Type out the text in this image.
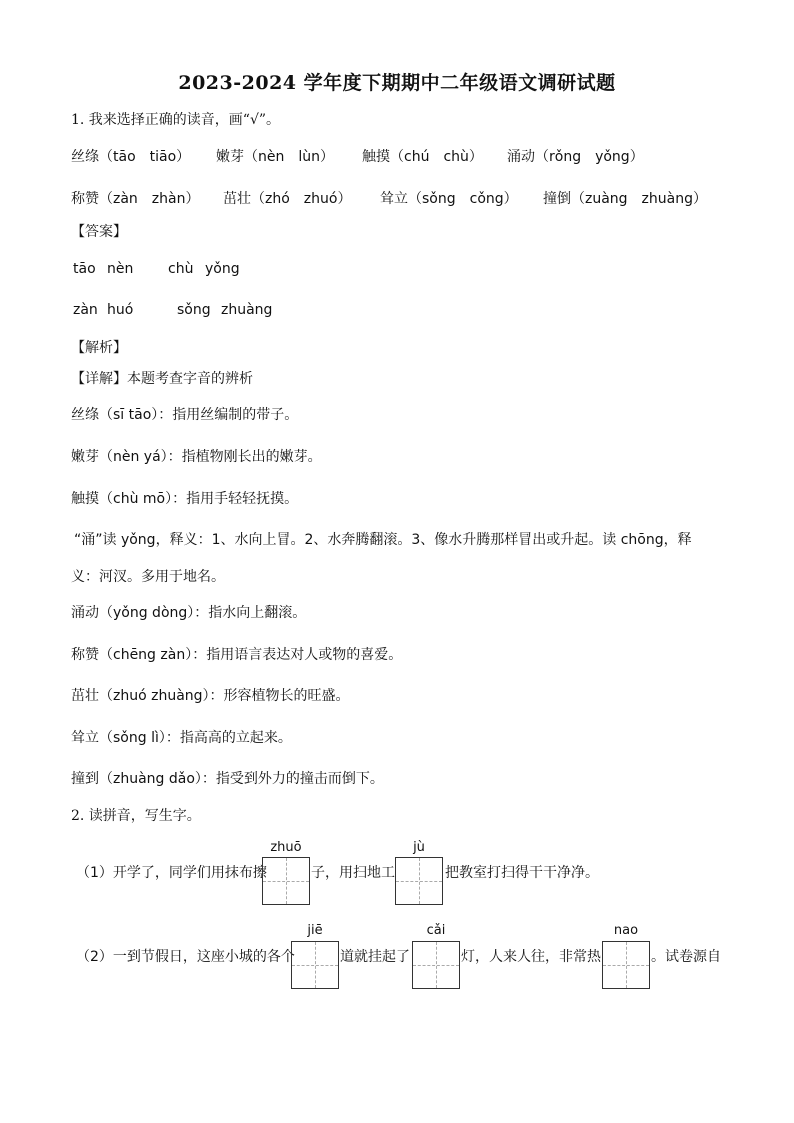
2023-2024 学年度下期期中二年级语文调研试题
1. 我来选择正确的读音，画“√”。
丝绦（tāo　tiāo） 嫩芽（nèn　lùn） 触摸（chú　chù） 涌动（rǒng　yǒng）
称赞（zàn　zhàn） 茁壮（zhó　zhuó） 耸立（sǒng　cǒng） 撞倒（zuàng　zhuàng）
【答案】
tāo nèn chù yǒng
zàn huó	sǒng zhuàng
【解析】
【详解】本题考查字音的辨析
丝绦（sī tāo）：指用丝编制的带子。
嫩芽（nèn yá）：指植物刚长出的嫩芽。
触摸（chù mō）：指用手轻轻抚摸。
“涌”读 yǒng，释义：1、水向上冒。2、水奔腾翻滚。3、像水升腾那样冒出或升起。读 chōng，释
义：河汊。多用于地名。
涌动（yǒng dòng）：指水向上翻滚。
称赞（chēng zàn）：指用语言表达对人或物的喜爱。
茁壮（zhuó zhuàng）：形容植物长的旺盛。
耸立（sǒng lì）：指高高的立起来。
撞到（zhuàng dǎo）：指受到外力的撞击而倒下。
2. 读拼音，写生字。
（1）开学了，同学们用抹布擦
zhuō
子，用扫地工
jù
把教室打扫得干干净净。
（2）一到节假日，这座小城的各个
jiē
道就挂起了
cǎi
灯，人来人往，非常热
nao
。试卷源自
